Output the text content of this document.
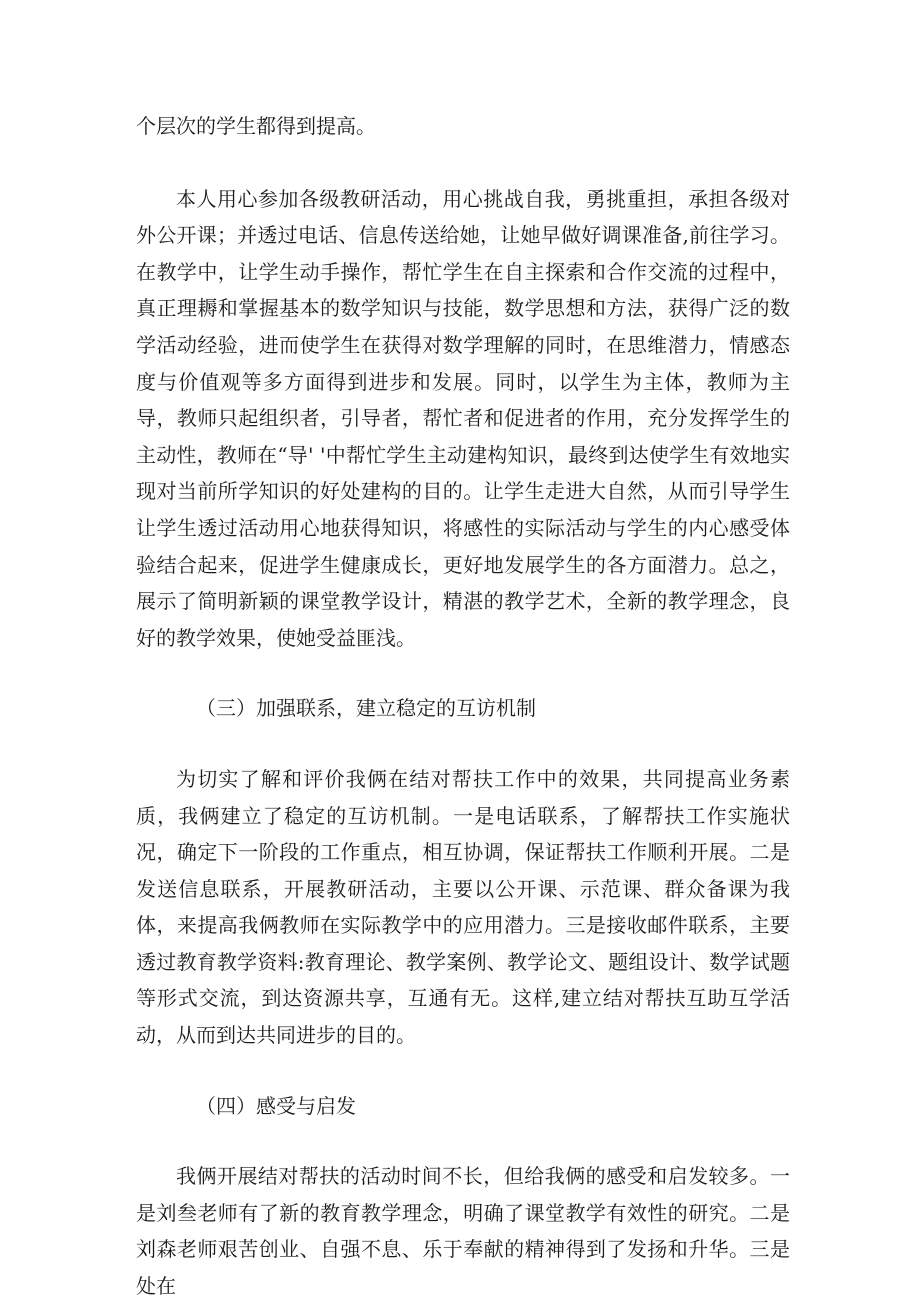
个层次的学生都得到提高。

本人用心参加各级教研活动，用心挑战自我，勇挑重担，承担各级对外公开课；并透过电话、信息传送给她，让她早做好调课准备,前往学习。在教学中，让学生动手操作，帮忙学生在自主探索和合作交流的过程中，真正理耨和掌握基本的数学知识与技能，数学思想和方法，获得广泛的数学活动经验，进而使学生在获得对数学理解的同时，在思维潜力，情感态度与价值观等多方面得到进步和发展。同时，以学生为主体，教师为主导，教师只起组织者，引导者，帮忙者和促进者的作用，充分发挥学生的主动性，教师在“导' '中帮忙学生主动建构知识，最终到达使学生有效地实现对当前所学知识的好处建构的目的。让学生走进大自然，从而引导学生让学生透过活动用心地获得知识，将感性的实际活动与学生的内心感受体验结合起来，促进学生健康成长，更好地发展学生的各方面潜力。总之，展示了简明新颖的课堂教学设计，精湛的教学艺术，全新的教学理念，良好的教学效果，使她受益匪浅。

（三）加强联系，建立稳定的互访机制

为切实了解和评价我俩在结对帮扶工作中的效果，共同提高业务素质，我俩建立了稳定的互访机制。一是电话联系，了解帮扶工作实施状况，确定下一阶段的工作重点，相互协调，保证帮扶工作顺利开展。二是发送信息联系，开展教研活动，主要以公开课、示范课、群众备课为我体，来提高我俩教师在实际教学中的应用潜力。三是接收邮件联系，主要透过教育教学资料:教育理论、教学案例、教学论文、题组设计、数学试题等形式交流，到达资源共享，互通有无。这样,建立结对帮扶互助互学活动，从而到达共同进步的目的。

（四）感受与启发

我俩开展结对帮扶的活动时间不长，但给我俩的感受和启发较多。一是刘叁老师有了新的教育教学理念，明确了课堂教学有效性的研究。二是刘森老师艰苦创业、自强不息、乐于奉献的精神得到了发扬和升华。三是处在
